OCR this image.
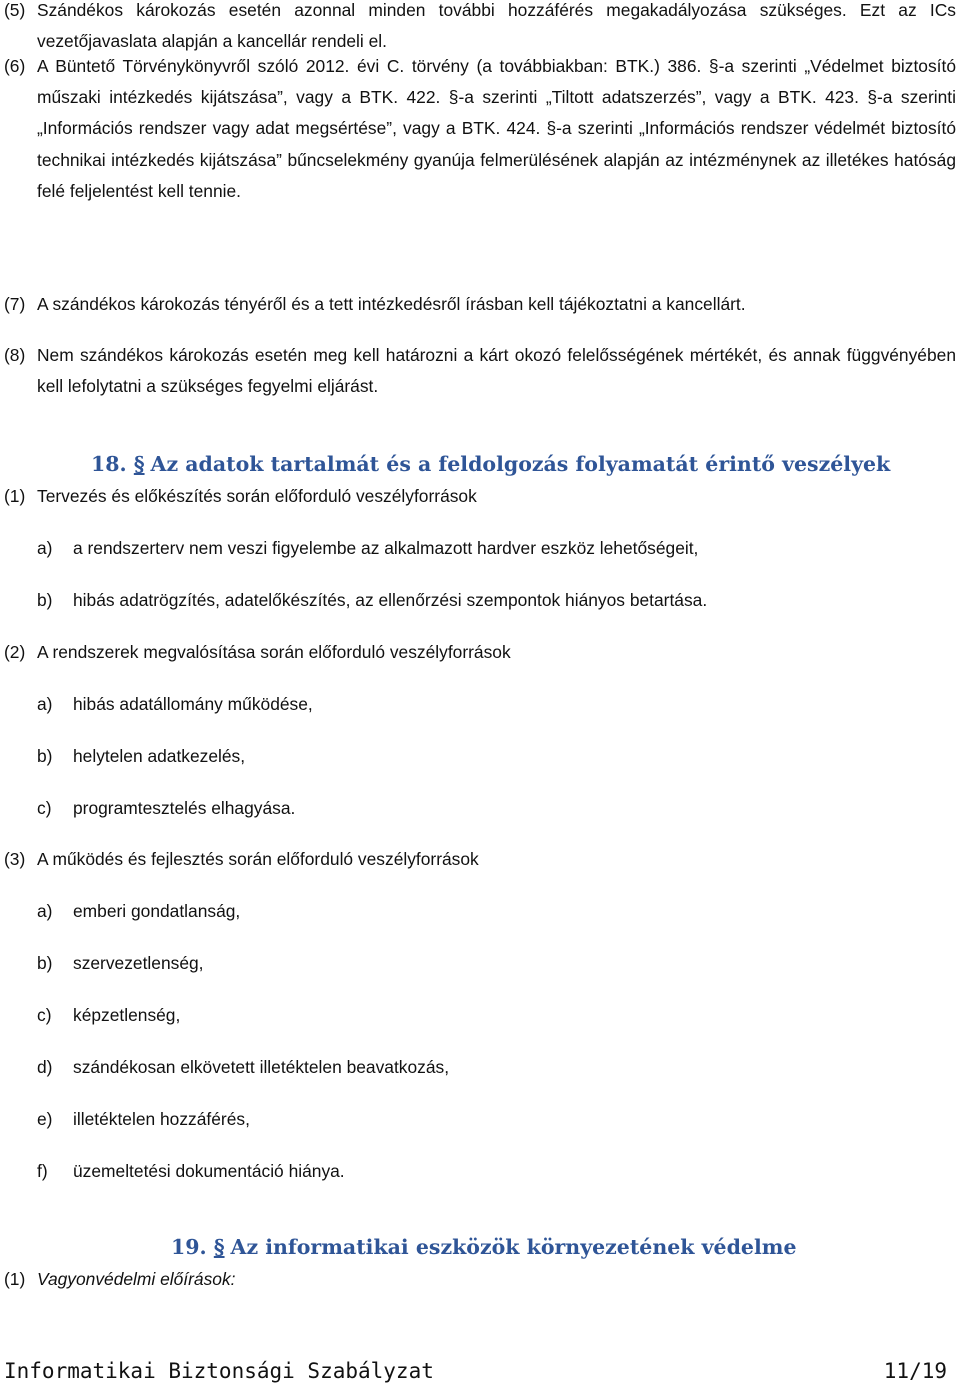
(5) Szándékos károkozás esetén azonnal minden további hozzáférés megakadályozása szükséges. Ezt az ICs vezetőjavaslata alapján a kancellár rendeli el.
(6) A Büntető Törvénykönyvről szóló 2012. évi C. törvény (a továbbiakban: BTK.) 386. §-a szerinti „Védelmet biztosító műszaki intézkedés kijátszása”, vagy a BTK. 422. §-a szerinti „Tiltott adatszerzés”, vagy a BTK. 423. §-a szerinti „Információs rendszer vagy adat megsértése”, vagy a BTK. 424. §-a szerinti „Információs rendszer védelmét biztosító technikai intézkedés kijátszása” bűncselekmény gyanúja felmerülésének alapján az intézménynek az illetékes hatóság felé feljelentést kell tennie.
(7) A szándékos károkozás tényéről és a tett intézkedésről írásban kell tájékoztatni a kancellárt.
(8) Nem szándékos károkozás esetén meg kell határozni a kárt okozó felelősségének mértékét, és annak függvényében kell lefolytatni a szükséges fegyelmi eljárást.
18. § Az adatok tartalmát és a feldolgozás folyamatát érintő veszélyek
(1) Tervezés és előkészítés során előforduló veszélyforrások
a) a rendszerterv nem veszi figyelembe az alkalmazott hardver eszköz lehetőségeit,
b) hibás adatrögzítés, adatelőkészítés, az ellenőrzési szempontok hiányos betartása.
(2) A rendszerek megvalósítása során előforduló veszélyforrások
a) hibás adatállomány működése,
b) helytelen adatkezelés,
c) programtesztelés elhagyása.
(3) A működés és fejlesztés során előforduló veszélyforrások
a) emberi gondatlanság,
b) szervezetlenség,
c) képzetlenség,
d) szándékosan elkövetett illetéktelen beavatkozás,
e) illetéktelen hozzáférés,
f) üzemeltetési dokumentáció hiánya.
19. § Az informatikai eszközök környezetének védelme
(1) Vagyonvédelmi előírások:
Informatikai Biztonsági Szabályzat	11/19
